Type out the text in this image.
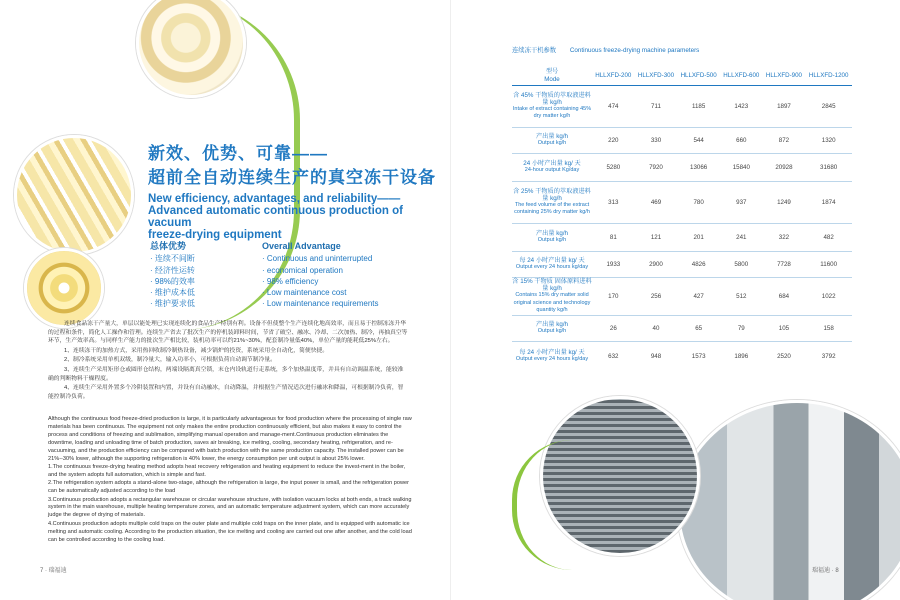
新效、优势、可靠——
超前全自动连续生产的真空冻干设备
New efficiency, advantages, and reliability——
Advanced automatic continuous production of vacuum
freeze-drying equipment
总体优势
· 连续不间断
· 经济性运转
· 98%的效率
· 维护成本低
· 维护要求低
Overall Advantage
· Continuous and uninterrupted
· economical operation
· 98% efficiency
· Low maintenance cost
· Low maintenance requirements

连续食品冻干产量大，单层以能处理已实现连续化的食品生产特别有利。设备不但使整个生产连续化地高效率，而且易于控制冻冻升华的过程和条件，简化人工操作和管理。连续生产省去了批次生产的停机装卸料时间，节省了破空、融冰、冷却、二次加热、制冷，再抽真空等环节，生产效率高。与同样生产能力的批次生产相比较，装机功率可以约21%~30%，配套制冷量低40%，单位产量的能耗低25%左右。

1、连续冻干的加热方式，采用热回收制冷制热设备，减少锅炉的投资，系统采用全自动化，简便快捷。

2、制冷系统采用单机双级，制冷量大，输入功率小，可根据负荷自动调节制冷量。

3、连续生产采用矩形仓或圆形仓结构，两端设隔离真空锁，末仓内设轨道行走系统，多个加热温度带，并具有自动调温系统，能较准确的判断物料干燥程度。

4、连续生产采用外置多个冷阱装置和内置，并设有自动融冰，自动降温，并根据生产情况适次进行融冰和降温，可根据制冷负荷，智能控制冷负荷。

Although the continuous food freeze-dried production is large, it is particularly advantageous for food production where the processing of single raw materials has been continuous. The equipment not only makes the entire production continuously efficient, but also makes it easy to control the process and conditions of freezing and sublimation, simplifying manual operation and manage-ment.Continuous production eliminates the downtime, loading and unloading time of batch production, saves air breaking, ice melting, cooling, secondary heating, refrigeration, and re-vacuuming, and the production efficiency can be compared with batch production with the same production capacity. The installed power can be 21%--30% lower, although the supporting refrigeration is 40% lower, the energy consumption per unit output is about 25% lower.

1.The continuous freeze-drying heating method adopts heat recovery refrigeration and heating equipment to reduce the invest-ment in the boiler, and the system adopts full automation, which is simple and fast.

2.The refrigeration system adopts a stand-alone two-stage, although the refrigeration is large, the input power is small, and the refrigeration power can be automatically adjusted according to the load

3.Continuous production adopts a rectangular warehouse or circular warehouse structure, with isolation vacuum locks at both ends, a track walking system in the main warehouse, multiple heating temperature zones, and an automatic temperature adjustment system, which can more accurately judge the degree of drying of materials.

4.Continuous production adopts multiple cold traps on the outer plate and multiple cold traps on the inner plate, and is equipped with automatic ice melting and automatic cooling. According to the production situation, the ice melting and cooling are carried out one after another, and the cold load can be controlled according to the cooling load.

7 · 瑞福迪
连续冻干机参数 Continuous freeze-drying machine parameters
型号
Mode	HLLXFD-200	HLLXFD-300	HLLXFD-500	HLLXFD-600	HLLXFD-900	HLLXFD-1200

含 45% 干物质的萃取液进料量 kg/h
Intake of extract containing 45% dry matter kg/h	474	711	1185	1423	1897	2845

产出量 kg/h
Output kg/h	220	330	544	660	872	1320

24 小时产出量 kg/ 天
24-hour output Kg/day	5280	7920	13066	15840	20928	31680

含 25% 干物质的萃取液进料量 kg/h
The feed volume of the extract containing 25% dry matter kg/h	313	469	780	937	1249	1874

产出量 kg/h
Output kg/h	81	121	201	241	322	482

每 24 小时产出量 kg/ 天
Output every 24 hours kg/day	1933	2900	4826	5800	7728	11600

含 15% 干物质 固体原料进料量 kg/h
Contains 15% dry matter solid original science and technology quantity kg/h	170	256	427	512	684	1022

产出量 kg/h
Output kg/h	26	40	65	79	105	158

每 24 小时产出量 kg/ 天
Output every 24 hours kg/day	632	948	1573	1896	2520	3792
瑞福迪 · 8
